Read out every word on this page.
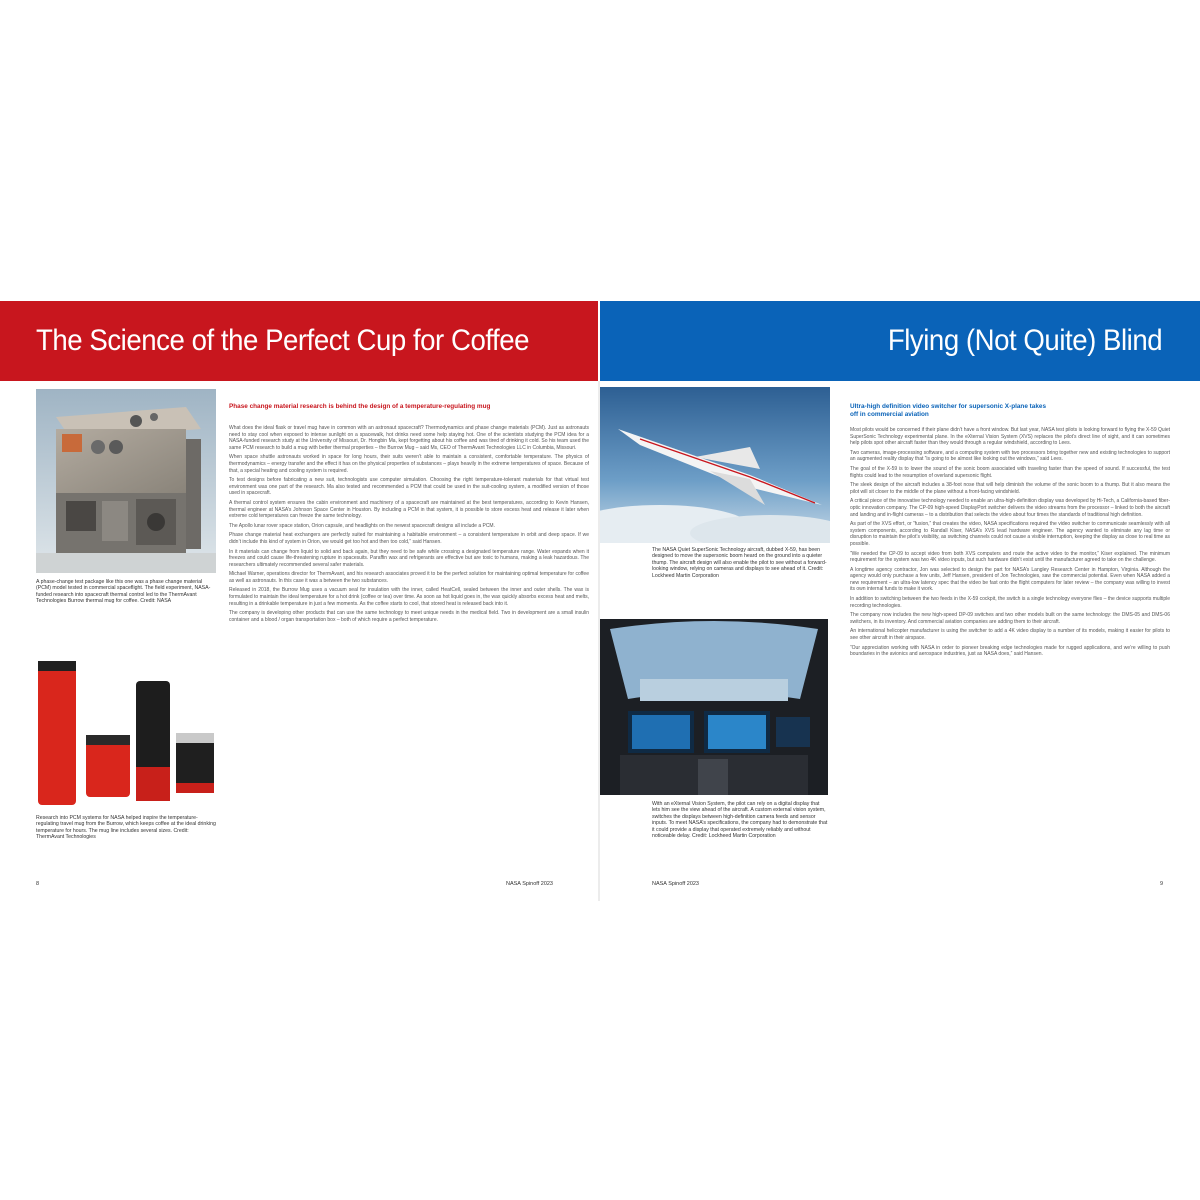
The Science of the Perfect Cup for Coffee
A phase-change test package like this one was a phase change material (PCM) model tested in commercial spaceflight. The field experiment, NASA-funded research into spacecraft thermal control led to the ThermAvant Technologies Burrow thermal mug for coffee. Credit: NASA
Research into PCM systems for NASA helped inspire the temperature-regulating travel mug from the Burrow, which keeps coffee at the ideal drinking temperature for hours. The mug line includes several sizes. Credit: ThermAvant Technologies
Phase change material research is behind the design of a temperature-regulating mug

What does the ideal flask or travel mug have in common with an astronaut spacecraft? Thermodynamics and phase change materials (PCM). Just as astronauts need to stay cool when exposed to intense sunlight on a spacewalk, hot drinks need some help staying hot. One of the scientists studying the PCM idea for a NASA-funded research study at the University of Missouri, Dr. Hongbin Ma, kept forgetting about his coffee and was tired of drinking it cold. So his team used the same PCM research to build a mug with better thermal properties – the Burrow Mug – said Ms, CEO of ThermAvant Technologies LLC in Columbia, Missouri.

When space shuttle astronauts worked in space for long hours, their suits weren’t able to maintain a consistent, comfortable temperature. The physics of thermodynamics – energy transfer and the effect it has on the physical properties of substances – plays heavily in the extreme temperatures of space. Because of that, a special heating and cooling system is required.

To test designs before fabricating a new suit, technologists use computer simulation. Choosing the right temperature-tolerant materials for that virtual test environment was one part of the research. Ma also tested and recommended a PCM that could be used in the suit-cooling system, a modified version of those used in spacecraft.

A thermal control system ensures the cabin environment and machinery of a spacecraft are maintained at the best temperatures, according to Kevin Hansen, thermal engineer at NASA’s Johnson Space Center in Houston. By including a PCM in that system, it is possible to store excess heat and release it later when extreme cold temperatures can freeze the same technology.

The Apollo lunar rover space station, Orion capsule, and headlights on the newest spacecraft designs all include a PCM.

Phase change material heat exchangers are perfectly suited for maintaining a habitable environment – a consistent temperature in orbit and deep space. If we didn’t include this kind of system in Orion, we would get too hot and then too cold,” said Hansen.

In it materials can change from liquid to solid and back again, but they need to be safe while crossing a designated temperature range. Water expands when it freezes and could cause life-threatening rupture in spacesuits. Paraffin wax and refrigerants are effective but are toxic to humans, making a leak hazardous. The researchers ultimately recommended several safer materials.

Michael Warner, operations director for ThermAvant, and his research associates proved it to be the perfect solution for maintaining optimal temperature for coffee as well as astronauts. In this case it was a between the two substances.

Released in 2018, the Burrow Mug uses a vacuum seal for insulation with the inner, called HeatCell, sealed between the inner and outer shells. The wax is formulated to maintain the ideal temperature for a hot drink (coffee or tea) over time. As soon as hot liquid goes in, the wax quickly absorbs excess heat and melts, resulting in a drinkable temperature in just a few moments. As the coffee starts to cool, that stored heat is released back into it.

The company is developing other products that can use the same technology to meet unique needs in the medical field. Two in development are a small insulin container and a blood / organ transportation box – both of which require a perfect temperature.

8	NASA Spinoff 2023
Flying (Not Quite) Blind
The NASA Quiet SuperSonic Technology aircraft, dubbed X-59, has been designed to move the supersonic boom heard on the ground into a quieter thump. The aircraft design will also enable the pilot to see without a forward-looking window, relying on cameras and displays to see ahead of it. Credit: Lockheed Martin Corporation
With an eXternal Vision System, the pilot can rely on a digital display that lets him see the view ahead of the aircraft. A custom external vision system, switches the displays between high-definition camera feeds and sensor inputs. To meet NASA’s specifications, the company had to demonstrate that it could provide a display that operated extremely reliably and without noticeable delay. Credit: Lockheed Martin Corporation
Ultra-high definition video switcher for supersonic X-plane takes
off in commercial aviation

Most pilots would be concerned if their plane didn’t have a front window. But last year, NASA test pilots is looking forward to flying the X-59 Quiet SuperSonic Technology experimental plane. In the eXternal Vision System (XVS) replaces the pilot’s direct line of sight, and it can sometimes help pilots spot other aircraft faster than they would through a regular windshield, according to Lees.

Two cameras, image-processing software, and a computing system with two processors bring together new and existing technologies to support an augmented reality display that “is going to be almost like looking out the windows,” said Lees.

The goal of the X-59 is to lower the sound of the sonic boom associated with traveling faster than the speed of sound. If successful, the test flights could lead to the resumption of overland supersonic flight.

The sleek design of the aircraft includes a 38-foot nose that will help diminish the volume of the sonic boom to a thump. But it also means the pilot will sit closer to the middle of the plane without a front-facing windshield.

A critical piece of the innovative technology needed to enable an ultra-high-definition display was developed by Hi-Tech, a California-based fiber-optic innovation company. The CP-09 high-speed DisplayPort switcher delivers the video streams from the processor – linked to both the aircraft and landing and in-flight cameras – to a distribution that selects the video about four times the standards of traditional high definition.

As part of the XVS effort, or “fusion,” that creates the video, NASA specifications required the video switcher to communicate seamlessly with all system components, according to Randall Kiser, NASA’s XVS lead hardware engineer. The agency wanted to eliminate any lag time or disruption to maintain the pilot’s visibility, as switching channels could not cause a visible interruption, keeping the display as close to real time as possible.

“We needed the CP-09 to accept video from both XVS computers and route the active video to the monitor,” Kiser explained. The minimum requirement for the system was two 4K video inputs, but such hardware didn’t exist until the manufacturer agreed to take on the challenge.

A longtime agency contractor, Jon was selected to design the part for NASA’s Langley Research Center in Hampton, Virginia. Although the agency would only purchase a few units, Jeff Hansen, president of Jon Technologies, saw the commercial potential. Even when NASA added a new requirement – an ultra-low latency spec that the video be fast onto the flight computers for later review – the company was willing to invest its own internal funds to make it work.

In addition to switching between the two feeds in the X-59 cockpit, the switch is a single technology everyone flies – the device supports multiple recording technologies.

The company now includes the new high-speed DP-09 switches and two other models built on the same technology: the DMS-05 and DMS-06 switchers, in its inventory. And commercial aviation companies are adding them to their aircraft.

An international helicopter manufacturer is using the switcher to add a 4K video display to a number of its models, making it easier for pilots to see other aircraft in their airspace.

“Our appreciation working with NASA in order to pioneer breaking edge technologies made for rugged applications, and we’re willing to push boundaries in the avionics and aerospace industries, just as NASA does,” said Hansen.

NASA Spinoff 2023	9
